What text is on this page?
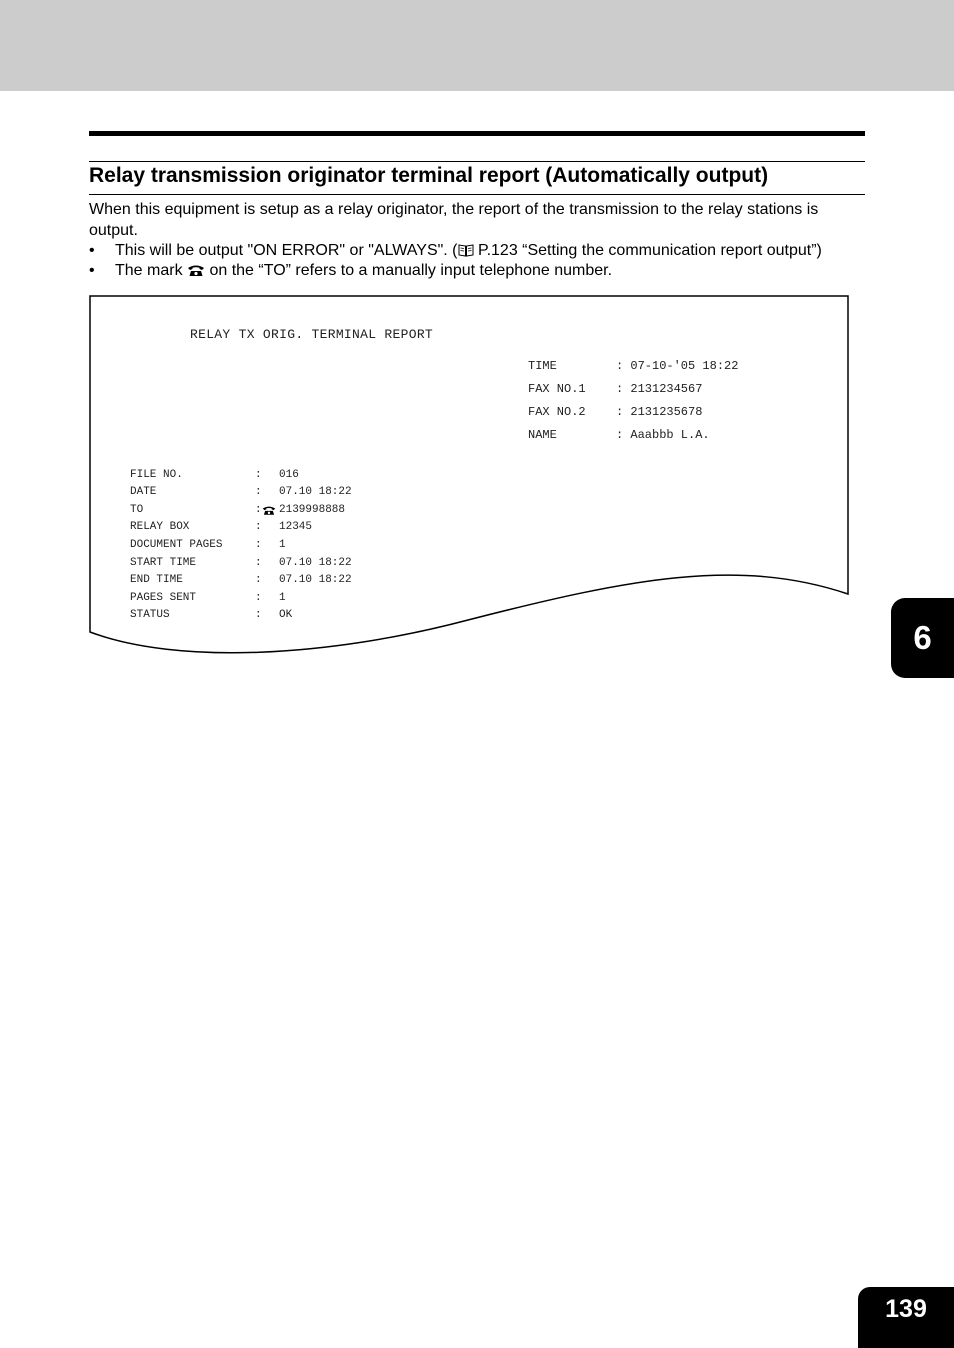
Relay transmission originator terminal report (Automatically output)

When this equipment is setup as a relay originator, the report of the transmission to the relay stations is output.

• This will be output "ON ERROR" or "ALWAYS". ( P.123 “Setting the communication report output”)
• The mark  on the “TO” refers to a manually input telephone number.
RELAY TX ORIG. TERMINAL REPORT
TIME	: 07-10-'05 18:22
FAX NO.1	: 2131234567
FAX NO.2	: 2131235678
NAME	: Aaabbb L.A.
FILE NO.	: 016
DATE	: 07.10 18:22
TO	: 2139998888
RELAY BOX	: 12345
DOCUMENT PAGES	: 1
START TIME	: 07.10 18:22
END TIME	: 07.10 18:22
PAGES SENT	: 1
STATUS	: OK
6
139
